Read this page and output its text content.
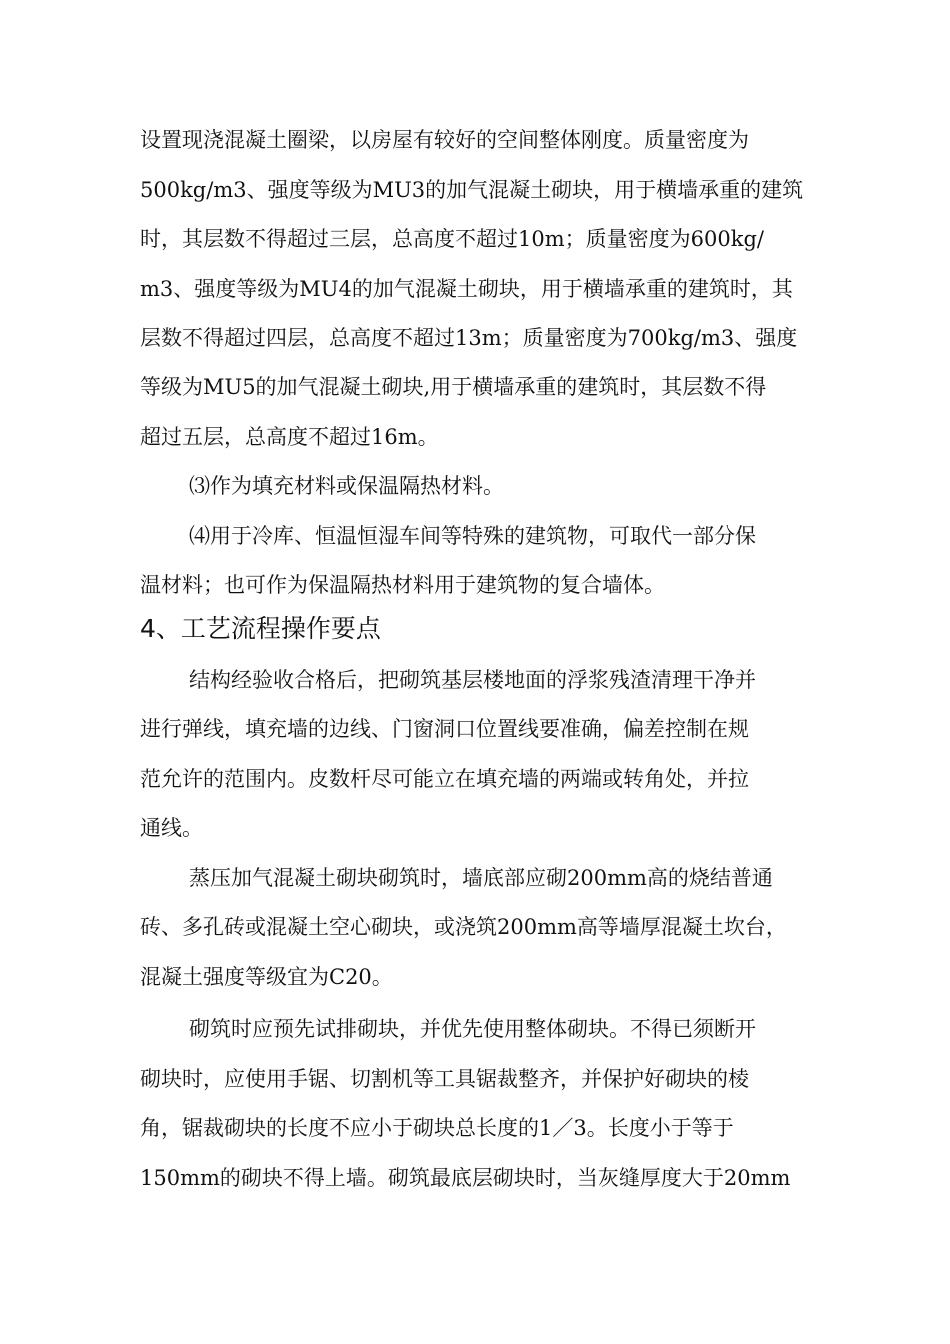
设置现浇混凝土圈梁，以房屋有较好的空间整体刚度。质量密度为
500kg/m3、强度等级为MU3的加气混凝土砌块，用于横墙承重的建筑
时，其层数不得超过三层，总高度不超过10m；质量密度为600kg/
m3、强度等级为MU4的加气混凝土砌块，用于横墙承重的建筑时，其
层数不得超过四层，总高度不超过13m；质量密度为700kg/m3、强度
等级为MU5的加气混凝土砌块,用于横墙承重的建筑时，其层数不得
超过五层，总高度不超过16m。
⑶作为填充材料或保温隔热材料。
⑷用于冷库、恒温恒湿车间等特殊的建筑物，可取代一部分保
温材料；也可作为保温隔热材料用于建筑物的复合墙体。
4、工艺流程操作要点
结构经验收合格后，把砌筑基层楼地面的浮浆残渣清理干净并
进行弹线，填充墙的边线、门窗洞口位置线要准确，偏差控制在规
范允许的范围内。皮数杆尽可能立在填充墙的两端或转角处，并拉
通线。
蒸压加气混凝土砌块砌筑时，墙底部应砌200mm高的烧结普通
砖、多孔砖或混凝土空心砌块，或浇筑200mm高等墙厚混凝土坎台，
混凝土强度等级宜为C20。
砌筑时应预先试排砌块，并优先使用整体砌块。不得已须断开
砌块时，应使用手锯、切割机等工具锯裁整齐，并保护好砌块的棱
角，锯裁砌块的长度不应小于砌块总长度的1／3。长度小于等于
150mm的砌块不得上墙。砌筑最底层砌块时，当灰缝厚度大于20mm
